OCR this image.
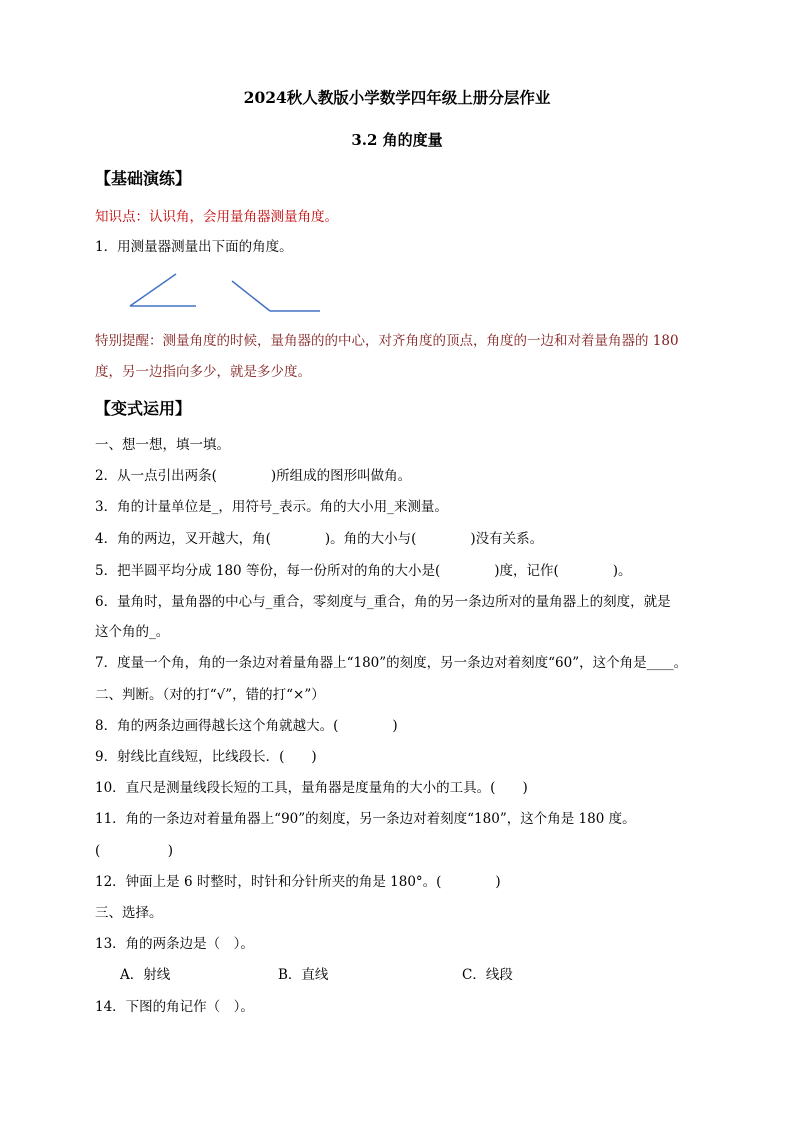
2024秋人教版小学数学四年级上册分层作业
3.2 角的度量
【基础演练】
知识点：认识角，会用量角器测量角度。
1．用测量器测量出下面的角度。
特别提醒：测量角度的时候，量角器的的中心，对齐角度的顶点，角度的一边和对着量角器的 180
度，另一边指向多少，就是多少度。
【变式运用】
一、想一想，填一填。
2．从一点引出两条(　　　　)所组成的图形叫做角。
3．角的计量单位是_，用符号_表示。角的大小用_来测量。
4．角的两边，叉开越大，角(　　　　)。角的大小与(　　　　)没有关系。
5．把半圆平均分成 180 等份，每一份所对的角的大小是(　　　　)度，记作(　　　　)。
6．量角时，量角器的中心与_重合，零刻度与_重合，角的另一条边所对的量角器上的刻度，就是
这个角的_。
7．度量一个角，角的一条边对着量角器上“180”的刻度，另一条边对着刻度“60”，这个角是____。
二、判断。（对的打“√”，错的打“×”）
8．角的两条边画得越长这个角就越大。(　　　　)
9．射线比直线短，比线段长．(　　)
10．直尺是测量线段长短的工具，量角器是度量角的大小的工具。(　　)
11．角的一条边对着量角器上“90”的刻度，另一条边对着刻度“180”，这个角是 180 度。
(　　　　　)
12．钟面上是 6 时整时，时针和分针所夹的角是 180°。(　　　　)
三、选择。
13．角的两条边是（　）。
A．射线	B．直线	C．线段
14．下图的角记作（　）。
